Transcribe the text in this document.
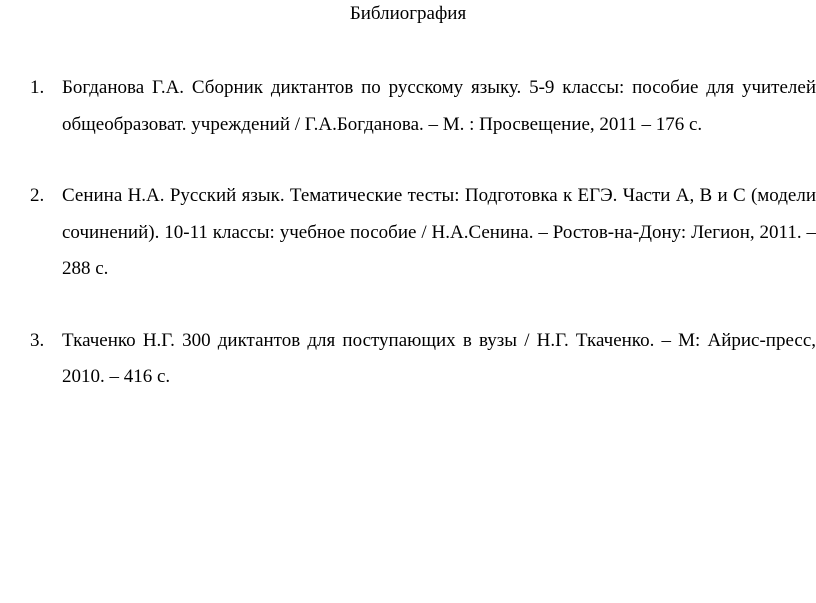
Библиография
1. Богданова Г.А. Сборник диктантов по русскому языку. 5-9 классы: пособие для учителей общеобразоват. учреждений / Г.А.Богданова. – М. : Просвещение, 2011 – 176 с.
2. Сенина Н.А. Русский язык. Тематические тесты: Подготовка к ЕГЭ. Части А, В и С (модели сочинений). 10-11 классы: учебное пособие / Н.А.Сенина. – Ростов-на-Дону: Легион, 2011. – 288 с.
3. Ткаченко Н.Г. 300 диктантов для поступающих в вузы / Н.Г. Ткаченко. – М: Айрис-пресс, 2010. – 416 с.
